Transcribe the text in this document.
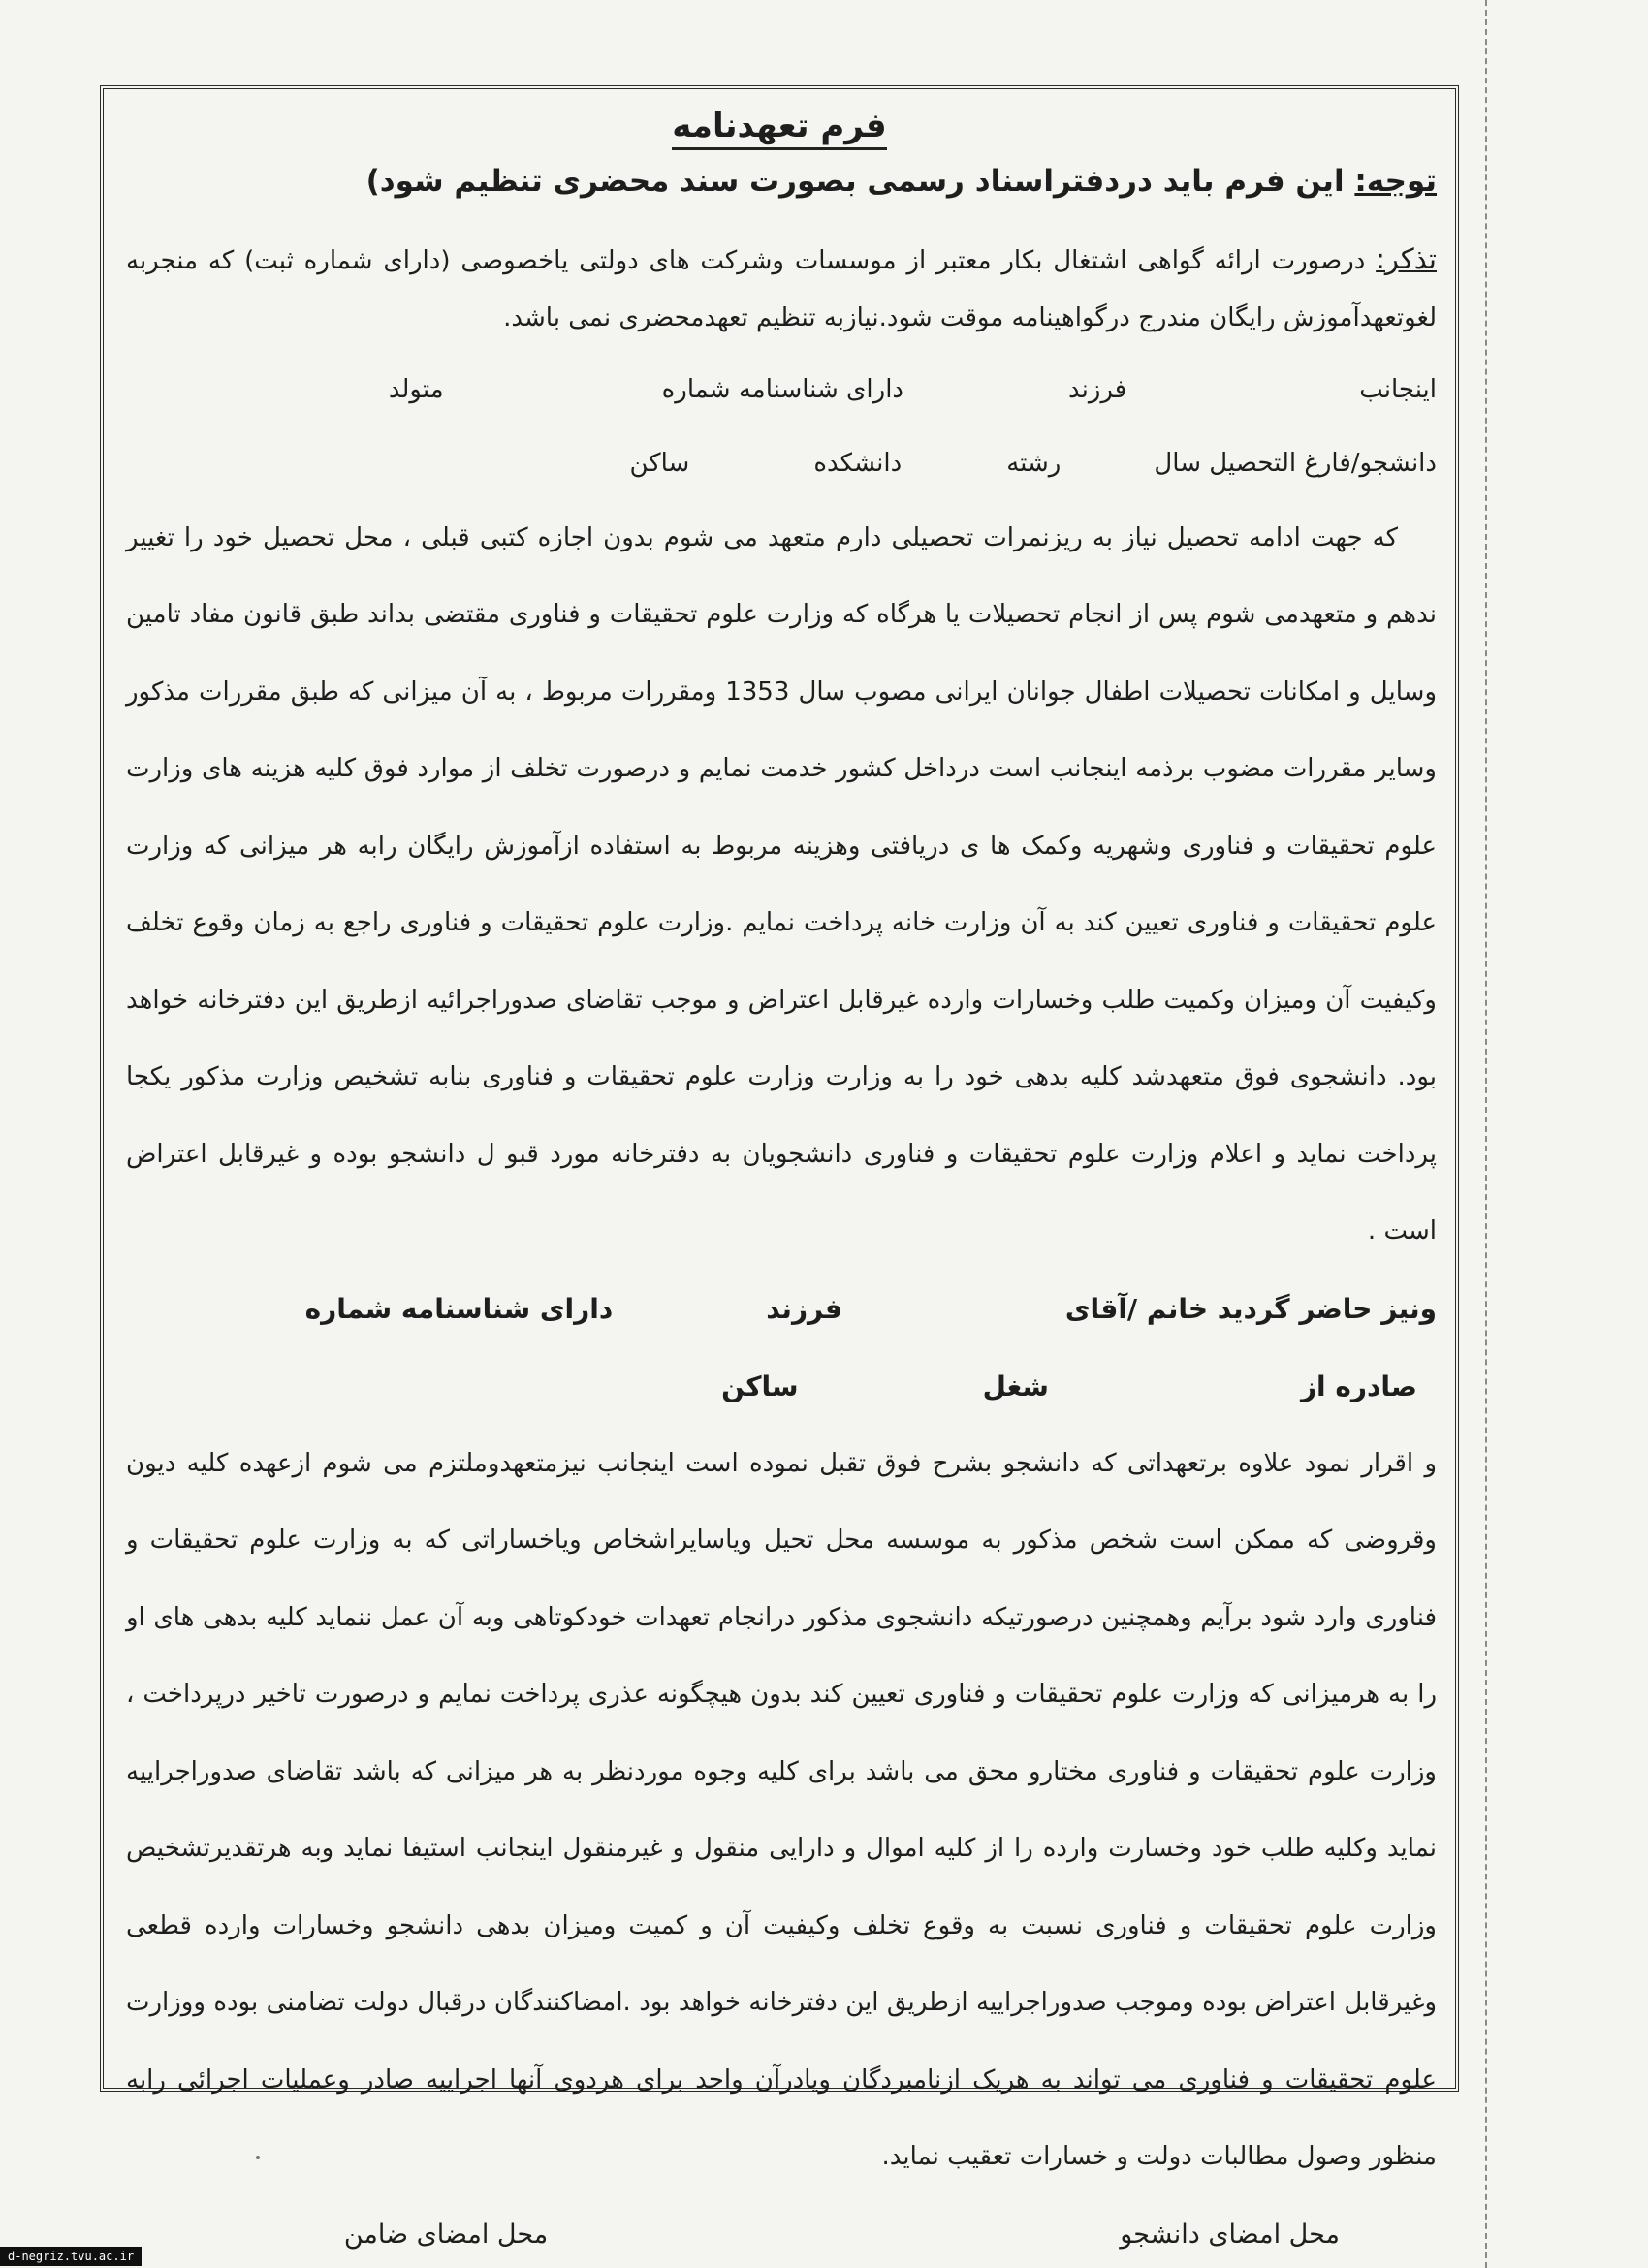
فرم تعهدنامه
توجه: این فرم باید دردفتراسناد رسمی بصورت سند محضری تنظیم شود)
تذکر: درصورت ارائه گواهی اشتغال بکار معتبر از موسسات وشرکت های دولتی یاخصوصی (دارای شماره ثبت) که منجربه لغوتعهدآموزش رایگان مندرج درگواهینامه موقت شود.نیازبه تنظیم تعهدمحضری نمی باشد.
اینجانب
فرزند
دارای شناسنامه شماره
متولد
دانشجو/فارغ التحصیل سال
رشته
دانشکده
ساکن
که جهت ادامه تحصیل نیاز به ریزنمرات تحصیلی دارم متعهد می شوم بدون اجازه کتبی قبلی ، محل تحصیل خود را تغییر ندهم و متعهدمی شوم پس از انجام تحصیلات یا هرگاه که وزارت علوم تحقیقات و فناوری مقتضی بداند طبق قانون مفاد تامین وسایل و امکانات تحصیلات اطفال جوانان ایرانی مصوب سال 1353 ومقررات مربوط ، به آن میزانی که طبق مقررات مذکور وسایر مقررات مضوب برذمه اینجانب است درداخل کشور خدمت نمایم و درصورت تخلف از موارد فوق کلیه هزینه های وزارت علوم تحقیقات و فناوری وشهریه وکمک ها ی دریافتی وهزینه مربوط به استفاده ازآموزش رایگان رابه هر میزانی که وزارت علوم تحقیقات و فناوری تعیین کند به آن وزارت خانه پرداخت نمایم .وزارت علوم تحقیقات و فناوری راجع به زمان وقوع تخلف وکیفیت آن ومیزان وکمیت طلب وخسارات وارده غیرقابل اعتراض و موجب تقاضای صدوراجرائیه ازطریق این دفترخانه خواهد بود. دانشجوی فوق متعهدشد کلیه بدهی خود را به وزارت وزارت علوم تحقیقات و فناوری بنابه تشخیص وزارت مذکور یکجا پرداخت نماید و اعلام وزارت علوم تحقیقات و فناوری دانشجویان به دفترخانه مورد قبو ل دانشجو بوده و غیرقابل اعتراض است .
ونیز حاضر گردید خانم /آقای
فرزند
دارای شناسنامه شماره
صادره از
شغل
ساکن
و اقرار نمود علاوه برتعهداتی که دانشجو بشرح فوق تقبل نموده است اینجانب نیزمتعهدوملتزم می شوم ازعهده کلیه دیون وقروضی که ممکن است شخص مذکور به موسسه محل تحیل ویاسایراشخاص ویاخساراتی که به وزارت علوم تحقیقات و فناوری وارد شود برآیم وهمچنین درصورتیکه دانشجوی مذکور درانجام تعهدات خودکوتاهی وبه آن عمل ننماید کلیه بدهی های او را به هرمیزانی که وزارت علوم تحقیقات و فناوری تعیین کند بدون هیچگونه عذری پرداخت نمایم و درصورت تاخیر درپرداخت ، وزارت علوم تحقیقات و فناوری مختارو محق می باشد برای کلیه وجوه موردنظر به هر میزانی که باشد تقاضای صدوراجراییه نماید وکلیه طلب خود وخسارت وارده را از کلیه اموال و دارایی منقول و غیرمنقول اینجانب استیفا نماید وبه هرتقدیرتشخیص وزارت علوم تحقیقات و فناوری نسبت به وقوع تخلف وکیفیت آن و کمیت ومیزان بدهی دانشجو وخسارات وارده قطعی وغیرقابل اعتراض بوده وموجب صدوراجراییه ازطریق این دفترخانه خواهد بود .امضاکنندگان درقبال دولت تضامنی بوده ووزارت علوم تحقیقات و فناوری می تواند به هریک ازنامبردگان ویادرآن واحد برای هردوی آنها اجراییه صادر وعملیات اجرائی رابه منظور وصول مطالبات دولت و خسارات تعقیب نماید.
محل امضای دانشجو
محل امضای ضامن
d-negriz.tvu.ac.ir
